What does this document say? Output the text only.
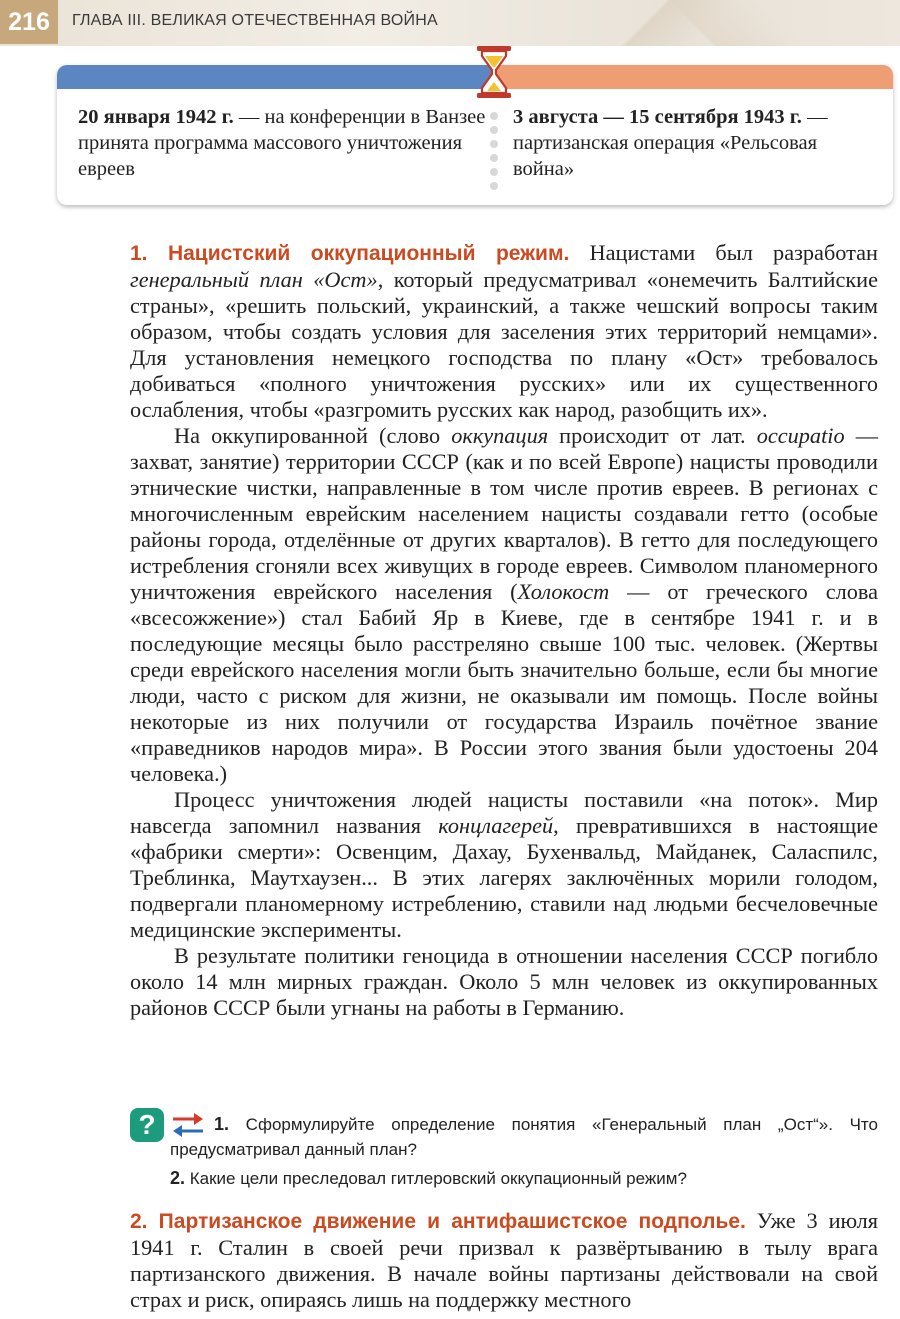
216	ГЛАВА III. ВЕЛИКАЯ ОТЕЧЕСТВЕННАЯ ВОЙНА
20 января 1942 г. — на конференции в Ванзее принята программа массового уничтожения евреев
3 августа — 15 сентября 1943 г. — партизанская операция «Рельсовая война»

1. Нацистский оккупационный режим. Нацистами был разработан генеральный план «Ост», который предусматривал «онемечить Балтийские страны», «решить польский, украинский, а также чешский вопросы таким образом, чтобы создать условия для заселения этих территорий немцами». Для установления немецкого господства по плану «Ост» требовалось добиваться «полного уничтожения русских» или их существенного ослабления, чтобы «разгромить русских как народ, разобщить их».

На оккупированной (слово оккупация происходит от лат. occupatio — захват, занятие) территории СССР (как и по всей Европе) нацисты проводили этнические чистки, направленные в том числе против евреев. В регионах с многочисленным еврейским населением нацисты создавали гетто (особые районы города, отделённые от других кварталов). В гетто для последующего истребления сгоняли всех живущих в городе евреев. Символом планомерного уничтожения еврейского населения (Холокост — от греческого слова «всесожжение») стал Бабий Яр в Киеве, где в сентябре 1941 г. и в последующие месяцы было расстреляно свыше 100 тыс. человек. (Жертвы среди еврейского населения могли быть значительно больше, если бы многие люди, часто с риском для жизни, не оказывали им помощь. После войны некоторые из них получили от государства Израиль почётное звание «праведников народов мира». В России этого звания были удостоены 204 человека.)

Процесс уничтожения людей нацисты поставили «на поток». Мир навсегда запомнил названия концлагерей, превратившихся в настоящие «фабрики смерти»: Освенцим, Дахау, Бухенвальд, Майданек, Саласпилс, Треблинка, Маутхаузен... В этих лагерях заключённых морили голодом, подвергали планомерному истреблению, ставили над людьми бесчеловечные медицинские эксперименты.

В результате политики геноцида в отношении населения СССР погибло около 14 млн мирных граждан. Около 5 млн человек из оккупированных районов СССР были угнаны на работы в Германию.

?	1. Сформулируйте определение понятия «Генеральный план „Ост“». Что предусматривал данный план?

2. Какие цели преследовал гитлеровский оккупационный режим?

2. Партизанское движение и антифашистское подполье. Уже 3 июля 1941 г. Сталин в своей речи призвал к развёртыванию в тылу врага партизанского движения. В начале войны партизаны действовали на свой страх и риск, опираясь лишь на поддержку местного
